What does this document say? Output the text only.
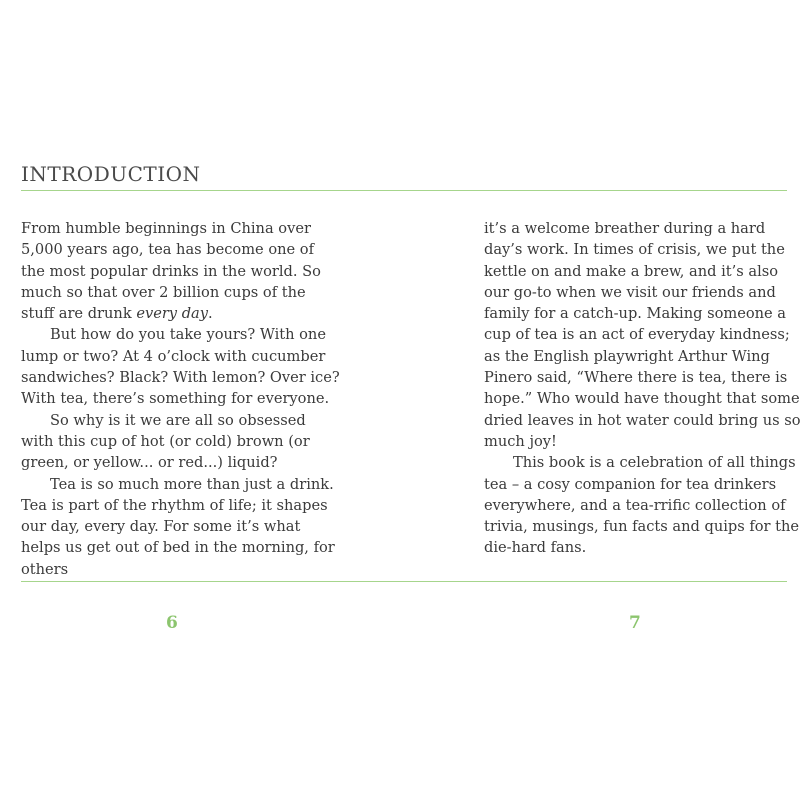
INTRODUCTION

From humble beginnings in China over 5,000 years ago, tea has become one of the most popular drinks in the world. So much so that over 2 billion cups of the stuff are drunk every day.

But how do you take yours? With one lump or two? At 4 o’clock with cucumber sandwiches? Black? With lemon? Over ice? With tea, there’s something for everyone.

So why is it we are all so obsessed with this cup of hot (or cold) brown (or green, or yellow... or red...) liquid?

Tea is so much more than just a drink. Tea is part of the rhythm of life; it shapes our day, every day. For some it’s what helps us get out of bed in the morning, for others

it’s a welcome breather during a hard day’s work. In times of crisis, we put the kettle on and make a brew, and it’s also our go-to when we visit our friends and family for a catch-up. Making someone a cup of tea is an act of everyday kindness; as the English playwright Arthur Wing Pinero said, “Where there is tea, there is hope.” Who would have thought that some dried leaves in hot water could bring us so much joy!

This book is a celebration of all things tea – a cosy companion for tea drinkers everywhere, and a tea-rrific collection of trivia, musings, fun facts and quips for the die-hard fans.

6	7
